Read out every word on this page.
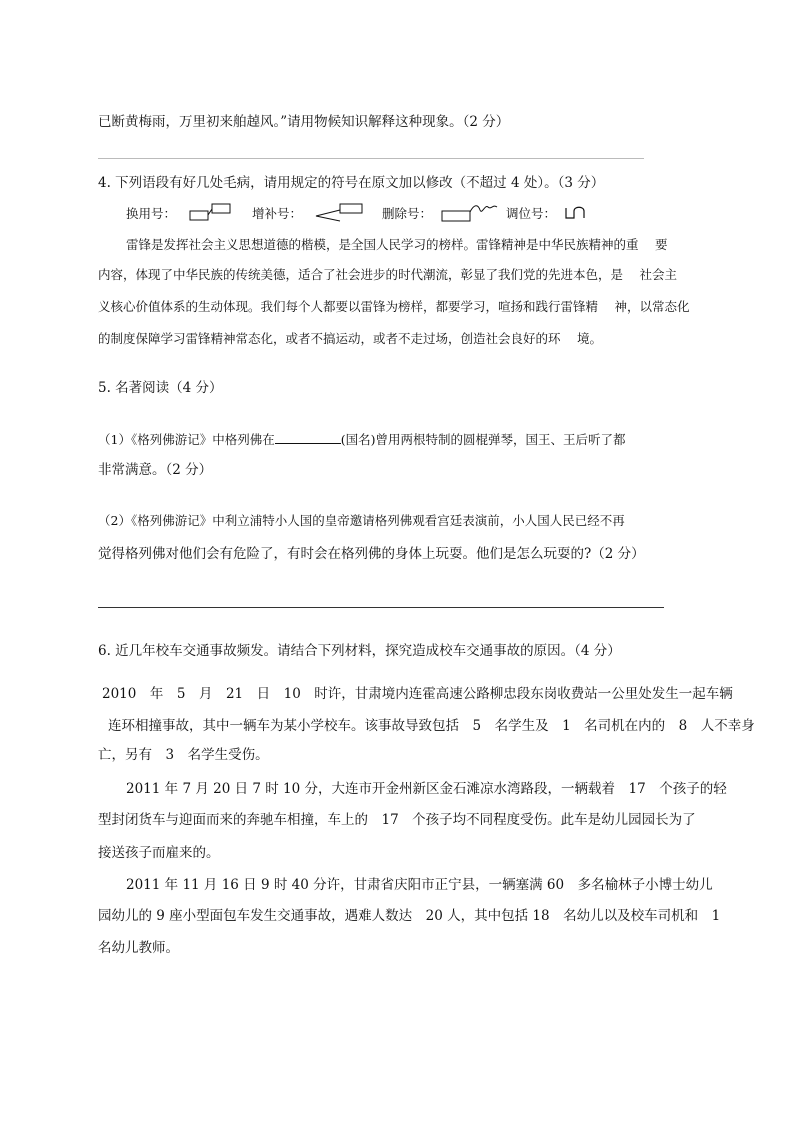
已断黄梅雨，万里初来舶趠风。”请用物候知识解释这种现象。（2 分）
4. 下列语段有好几处毛病，请用规定的符号在原文加以修改（不超过 4 处）。（3 分）
换用号：	增补号：	删除号：	调位号：
雷锋是发挥社会主义思想道德的楷模，是全国人民学习的榜样。雷锋精神是中华民族精神的重　 要
内容，体现了中华民族的传统美德，适合了社会进步的时代潮流，彰显了我们党的先进本色，是　 社会主
义核心价值体系的生动体现。我们每个人都要以雷锋为榜样，都要学习，喧扬和践行雷锋精　 神，以常态化
的制度保障学习雷锋精神常态化，或者不搞运动，或者不走过场，创造社会良好的环　 境。
5. 名著阅读（4 分）
（1）《格列佛游记》中格列佛在	(国名)曾用两根特制的圆棍弹琴，国王、王后听了都
非常满意。（2 分）
（2）《格列佛游记》中利立浦特小人国的皇帝邀请格列佛观看宫廷表演前，小人国人民已经不再
觉得格列佛对他们会有危险了，有时会在格列佛的身体上玩耍。他们是怎么玩耍的?（2 分）
6. 近几年校车交通事故频发。请结合下列材料，探究造成校车交通事故的原因。（4 分）
2010　年　5　月　21　日　10　时许，甘肃境内连霍高速公路柳忠段东岗收费站一公里处发生一起车辆
连环相撞事故，其中一辆车为某小学校车。该事故导致包括　5　名学生及　1　名司机在内的　8　人不幸身
亡，另有　3　名学生受伤。
2011 年 7 月 20 日 7 时 10 分，大连市开金州新区金石滩凉水湾路段，一辆载着　17　个孩子的轻
型封闭货车与迎面而来的奔驰车相撞，车上的　17　个孩子均不同程度受伤。此车是幼儿园园长为了
接送孩子而雇来的。
2011 年 11 月 16 日 9 时 40 分许，甘肃省庆阳市正宁县，一辆塞满 60　多名榆林子小博士幼儿
园幼儿的 9 座小型面包车发生交通事故，遇难人数达　20 人，其中包括 18　名幼儿以及校车司机和　1
名幼儿教师。
